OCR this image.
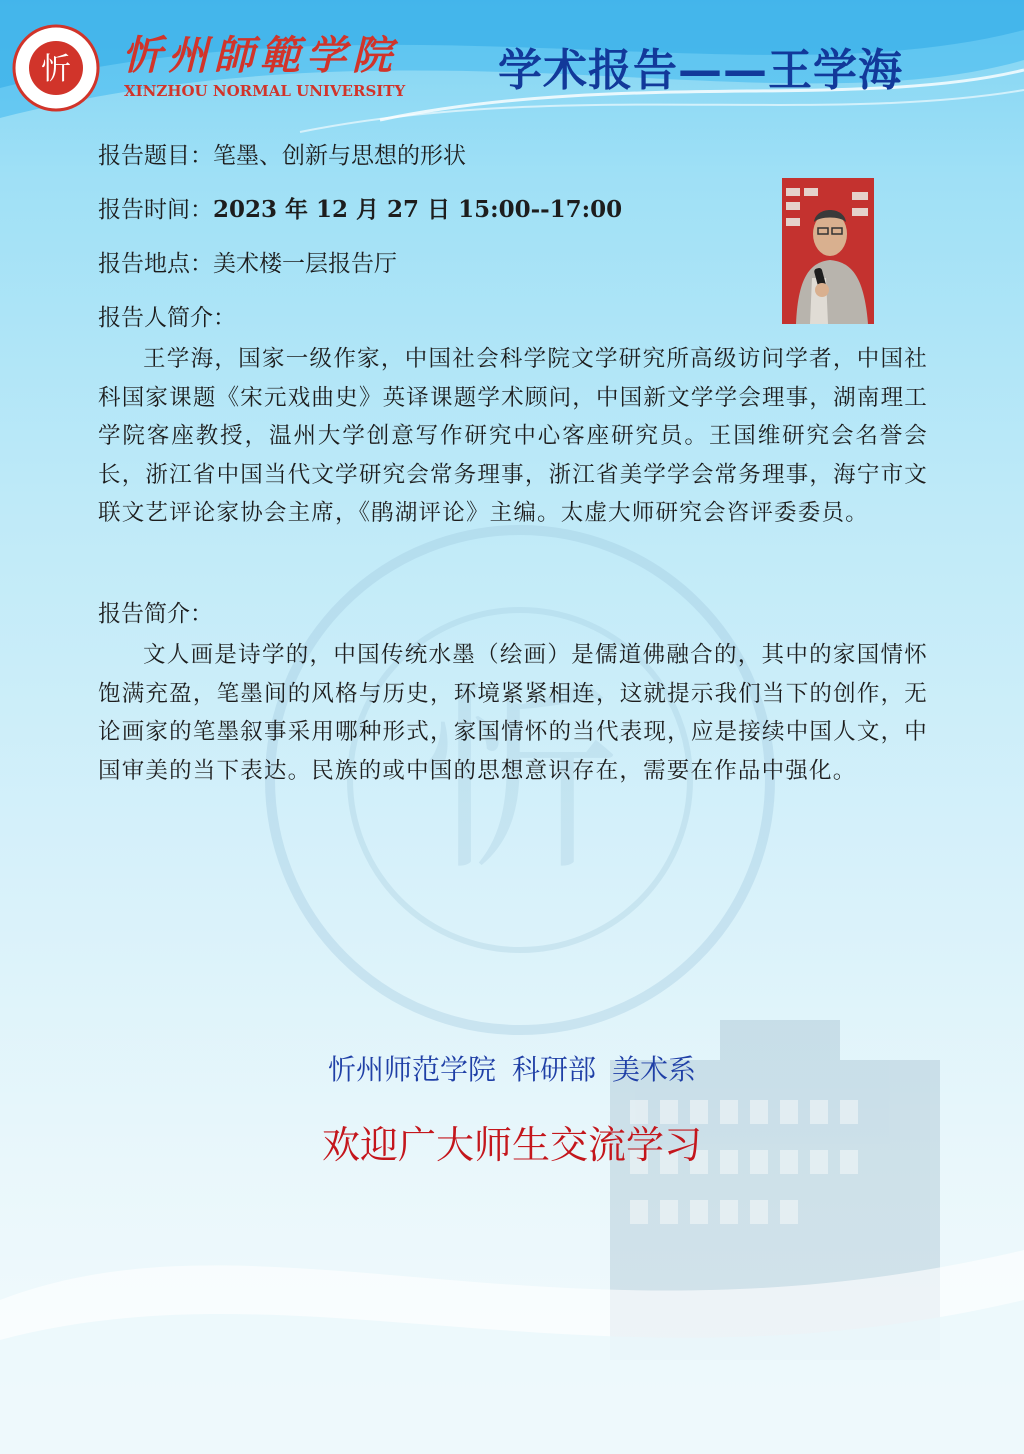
忻
忻 忻州師範学院
XINZHOU NORMAL UNIVERSITY 学术报告——王学海
报告题目：笔墨、创新与思想的形状
报告时间：2023 年 12 月 27 日 15:00--17:00
报告地点：美术楼一层报告厅
报告人简介：

王学海，国家一级作家，中国社会科学院文学研究所高级访问学者，中国社科国家课题《宋元戏曲史》英译课题学术顾问，中国新文学学会理事，湖南理工学院客座教授，温州大学创意写作研究中心客座研究员。王国维研究会名誉会长，浙江省中国当代文学研究会常务理事，浙江省美学学会常务理事，海宁市文联文艺评论家协会主席，《鹃湖评论》主编。太虚大师研究会咨评委委员。

报告简介：

文人画是诗学的，中国传统水墨（绘画）是儒道佛融合的，其中的家国情怀饱满充盈，笔墨间的风格与历史，环境紧紧相连，这就提示我们当下的创作，无论画家的笔墨叙事采用哪种形式，家国情怀的当代表现，应是接续中国人文，中国审美的当下表达。民族的或中国的思想意识存在，需要在作品中强化。

忻州师范学院 科研部 美术系
欢迎广大师生交流学习
